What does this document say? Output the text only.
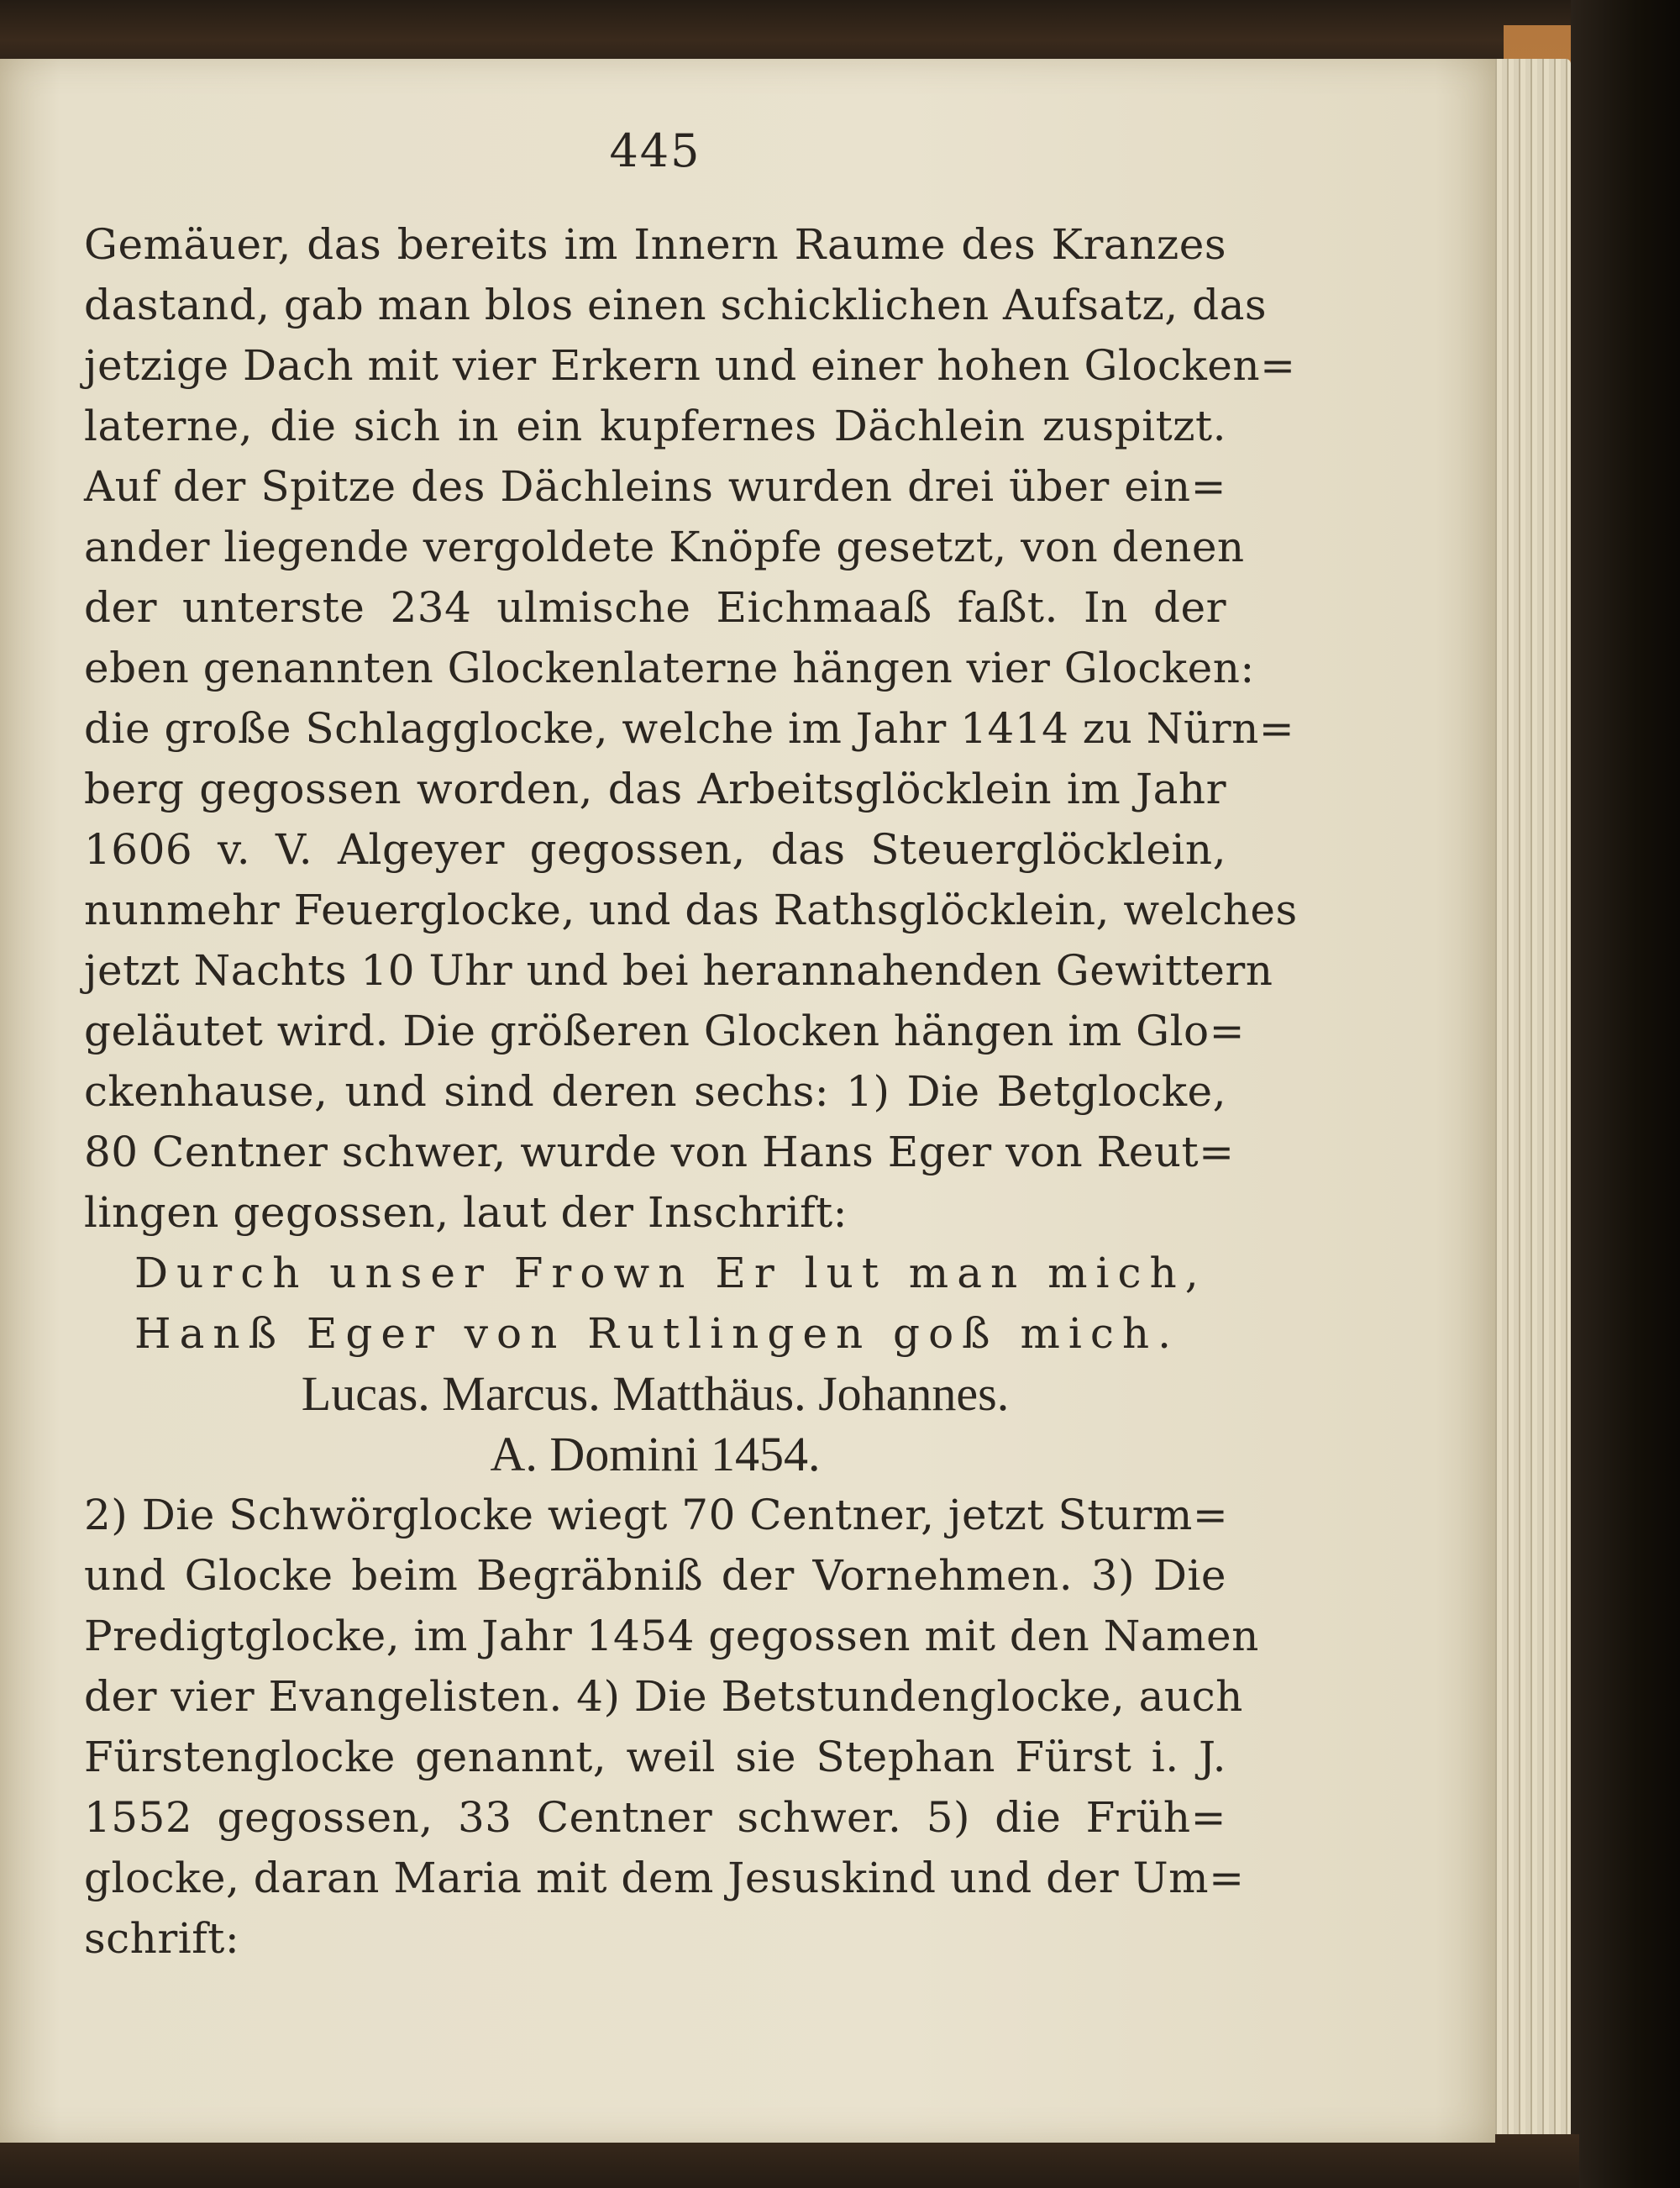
445
Gemäuer, das bereits im Innern Raume des Kranzes
dastand, gab man blos einen schicklichen Aufsatz, das
jetzige Dach mit vier Erkern und einer hohen Glocken=
laterne, die sich in ein kupfernes Dächlein zuspitzt.
Auf der Spitze des Dächleins wurden drei über ein=
ander liegende vergoldete Knöpfe gesetzt, von denen
der unterste 234 ulmische Eichmaaß faßt. In der
eben genannten Glockenlaterne hängen vier Glocken:
die große Schlagglocke, welche im Jahr 1414 zu Nürn=
berg gegossen worden, das Arbeitsglöcklein im Jahr
1606 v. V. Algeyer gegossen, das Steuerglöcklein,
nunmehr Feuerglocke, und das Rathsglöcklein, welches
jetzt Nachts 10 Uhr und bei herannahenden Gewittern
geläutet wird. Die größeren Glocken hängen im Glo=
ckenhause, und sind deren sechs: 1) Die Betglocke,
80 Centner schwer, wurde von Hans Eger von Reut=
lingen gegossen, laut der Inschrift:
Durch unser Frown Er lut man mich,
Hanß Eger von Rutlingen goß mich.
Lucas. Marcus. Matthäus. Johannes.
A. Domini 1454.
2) Die Schwörglocke wiegt 70 Centner, jetzt Sturm=
und Glocke beim Begräbniß der Vornehmen. 3) Die
Predigtglocke, im Jahr 1454 gegossen mit den Namen
der vier Evangelisten. 4) Die Betstundenglocke, auch
Fürstenglocke genannt, weil sie Stephan Fürst i. J.
1552 gegossen, 33 Centner schwer. 5) die Früh=
glocke, daran Maria mit dem Jesuskind und der Um=
schrift:
